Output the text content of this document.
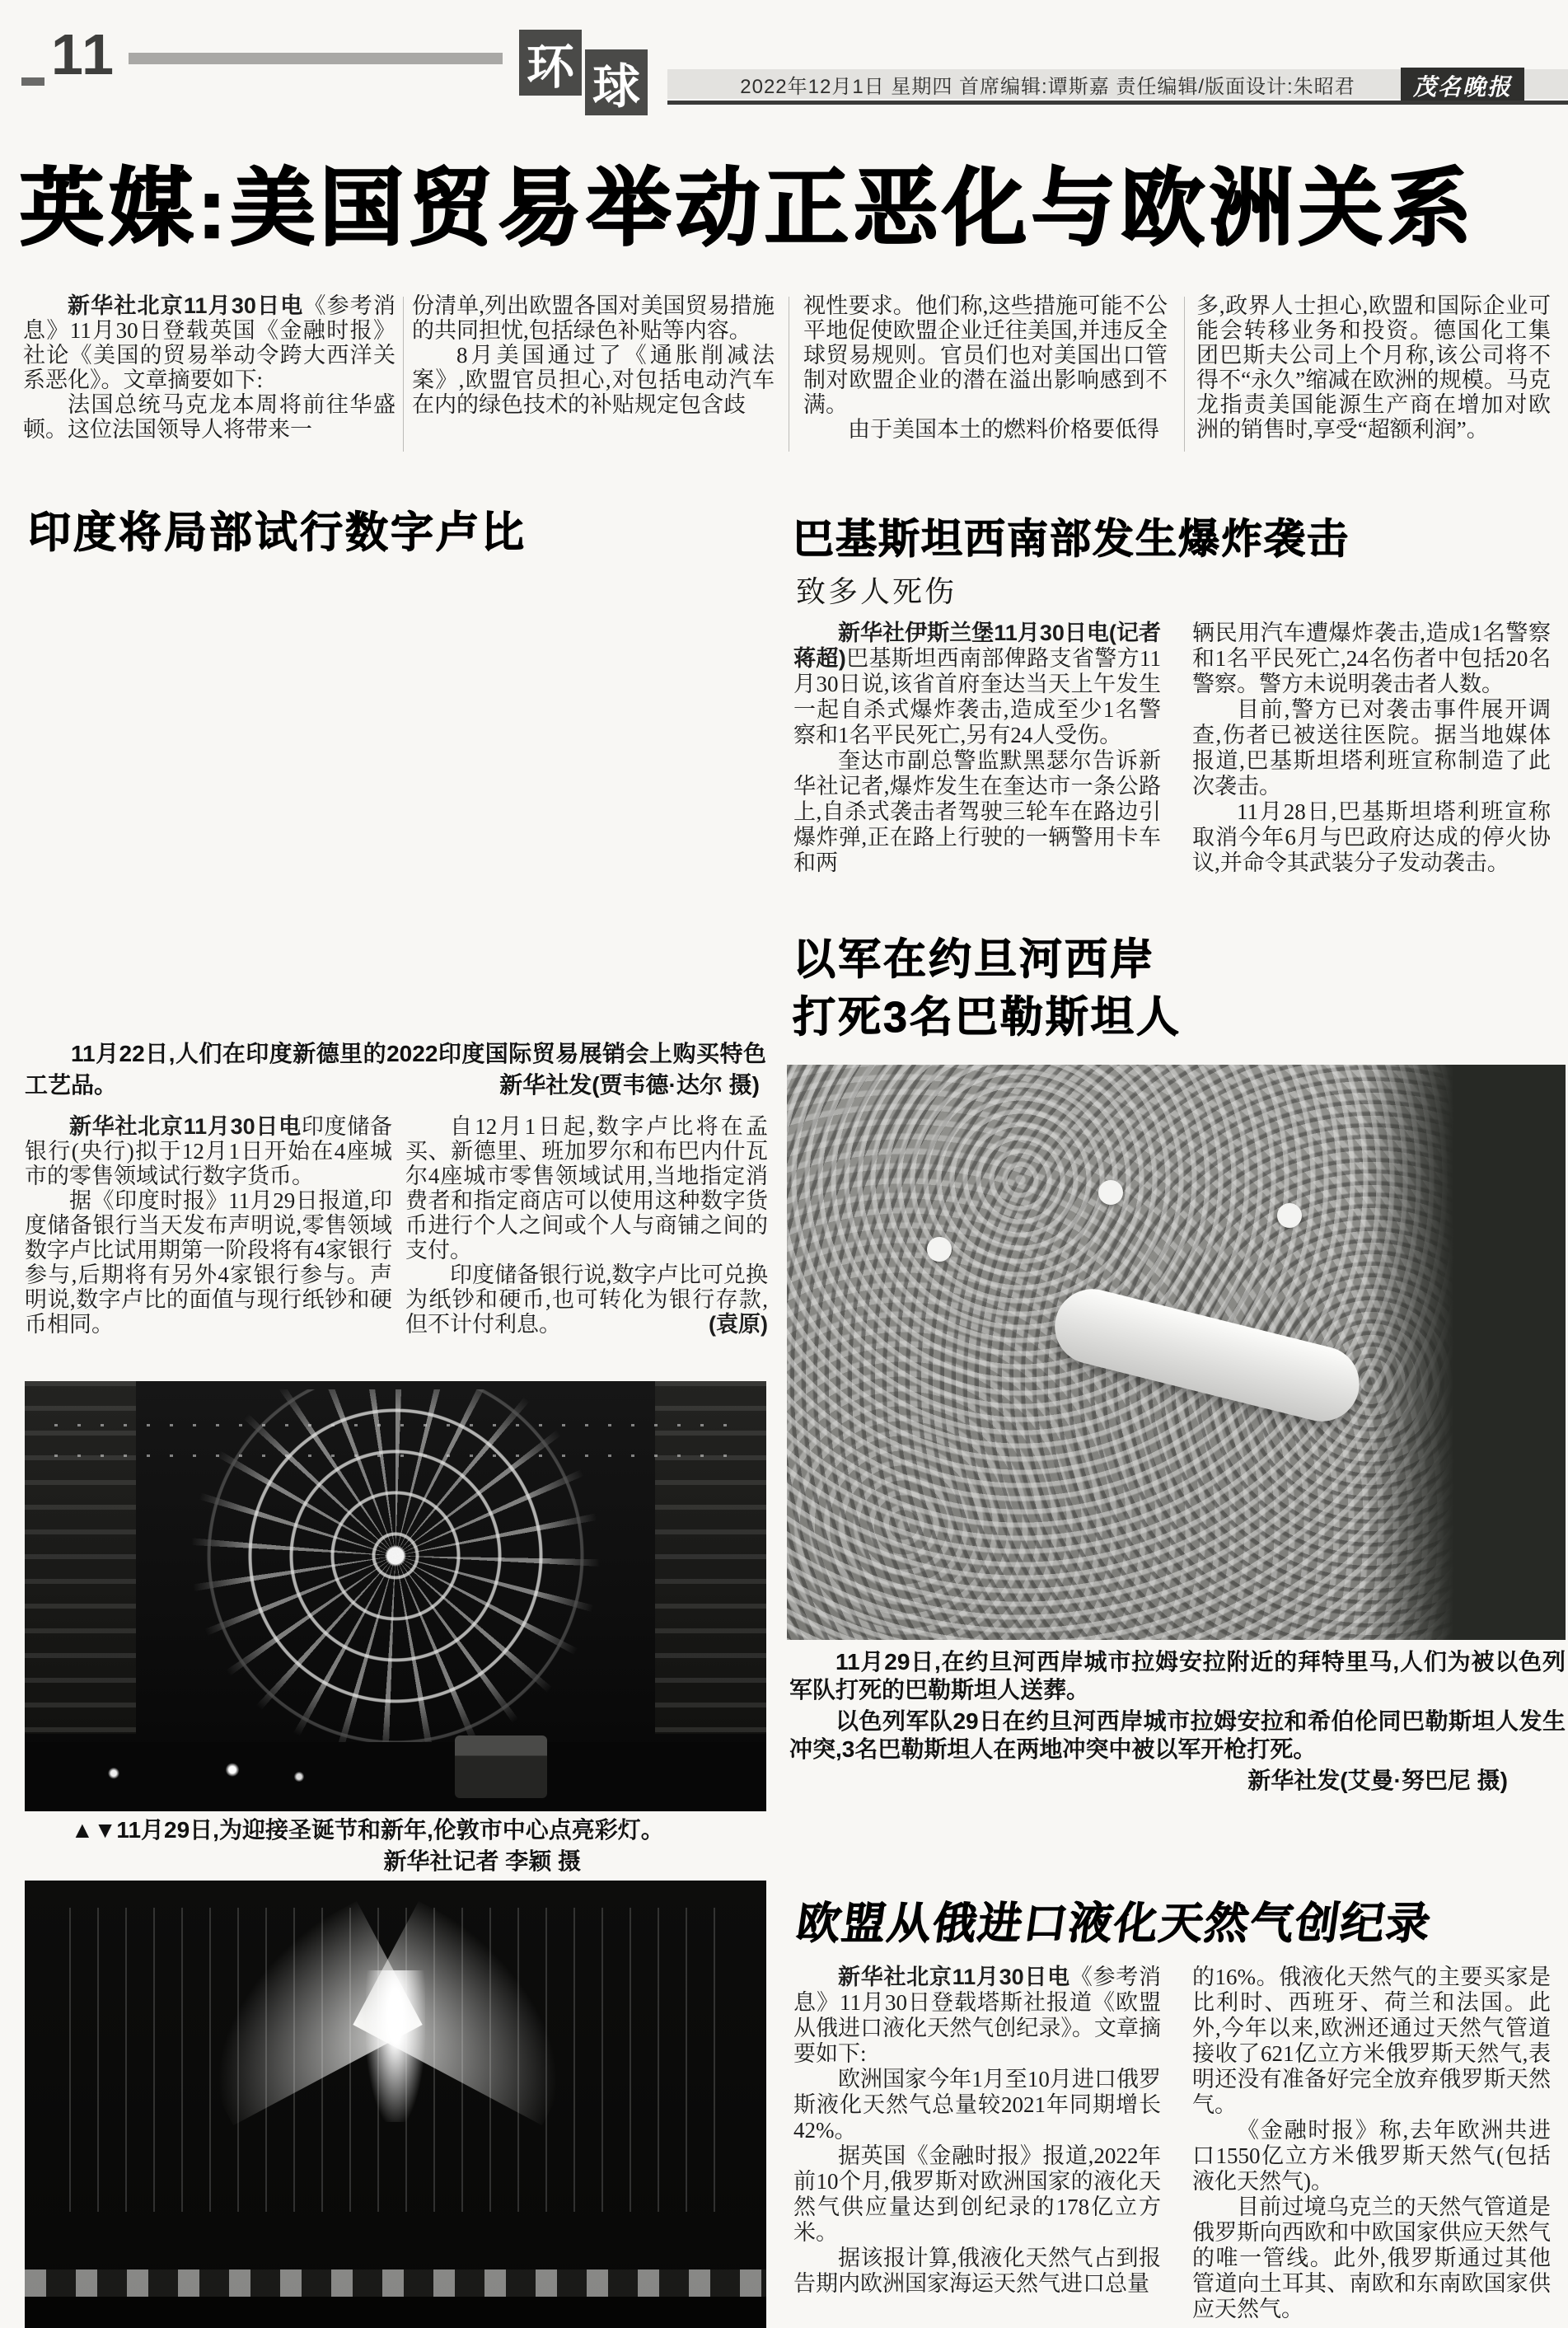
11	环 球	2022年12月1日 星期四 首席编辑:谭斯嘉 责任编辑/版面设计:朱昭君	茂名晚报
英媒:美国贸易举动正恶化与欧洲关系

新华社北京11月30日电《参考消息》11月30日登载英国《金融时报》社论《美国的贸易举动令跨大西洋关系恶化》。文章摘要如下:

法国总统马克龙本周将前往华盛顿。这位法国领导人将带来一

份清单,列出欧盟各国对美国贸易措施的共同担忧,包括绿色补贴等内容。

8月美国通过了《通胀削减法案》,欧盟官员担心,对包括电动汽车在内的绿色技术的补贴规定包含歧

视性要求。他们称,这些措施可能不公平地促使欧盟企业迁往美国,并违反全球贸易规则。官员们也对美国出口管制对欧盟企业的潜在溢出影响感到不满。

由于美国本土的燃料价格要低得

多,政界人士担心,欧盟和国际企业可能会转移业务和投资。德国化工集团巴斯夫公司上个月称,该公司将不得不“永久”缩减在欧洲的规模。马克龙指责美国能源生产商在增加对欧洲的销售时,享受“超额利润”。

印度将局部试行数字卢比

11月22日,人们在印度新德里的2022印度国际贸易展销会上购买特色工艺品。	新华社发(贾韦德·达尔 摄)

新华社北京11月30日电印度储备银行(央行)拟于12月1日开始在4座城市的零售领域试行数字货币。

据《印度时报》11月29日报道,印度储备银行当天发布声明说,零售领域数字卢比试用期第一阶段将有4家银行参与,后期将有另外4家银行参与。声明说,数字卢比的面值与现行纸钞和硬币相同。

自12月1日起,数字卢比将在孟买、新德里、班加罗尔和布巴内什瓦尔4座城市零售领域试用,当地指定消费者和指定商店可以使用这种数字货币进行个人之间或个人与商铺之间的支付。

印度储备银行说,数字卢比可兑换为纸钞和硬币,也可转化为银行存款,但不计付利息。	(袁原)

巴基斯坦西南部发生爆炸袭击
致多人死伤

新华社伊斯兰堡11月30日电(记者蒋超)巴基斯坦西南部俾路支省警方11月30日说,该省首府奎达当天上午发生一起自杀式爆炸袭击,造成至少1名警察和1名平民死亡,另有24人受伤。

奎达市副总警监默黑瑟尔告诉新华社记者,爆炸发生在奎达市一条公路上,自杀式袭击者驾驶三轮车在路边引爆炸弹,正在路上行驶的一辆警用卡车和两

辆民用汽车遭爆炸袭击,造成1名警察和1名平民死亡,24名伤者中包括20名警察。警方未说明袭击者人数。

目前,警方已对袭击事件展开调查,伤者已被送往医院。据当地媒体报道,巴基斯坦塔利班宣称制造了此次袭击。

11月28日,巴基斯坦塔利班宣称取消今年6月与巴政府达成的停火协议,并命令其武装分子发动袭击。

以军在约旦河西岸
打死3名巴勒斯坦人

11月29日,在约旦河西岸城市拉姆安拉附近的拜特里马,人们为被以色列军队打死的巴勒斯坦人送葬。

以色列军队29日在约旦河西岸城市拉姆安拉和希伯伦同巴勒斯坦人发生冲突,3名巴勒斯坦人在两地冲突中被以军开枪打死。

新华社发(艾曼·努巴尼 摄)

▲▼11月29日,为迎接圣诞节和新年,伦敦市中心点亮彩灯。
新华社记者 李颖 摄

欧盟从俄进口液化天然气创纪录

新华社北京11月30日电《参考消息》11月30日登载塔斯社报道《欧盟从俄进口液化天然气创纪录》。文章摘要如下:

欧洲国家今年1月至10月进口俄罗斯液化天然气总量较2021年同期增长42%。

据英国《金融时报》报道,2022年前10个月,俄罗斯对欧洲国家的液化天然气供应量达到创纪录的178亿立方米。

据该报计算,俄液化天然气占到报告期内欧洲国家海运天然气进口总量

的16%。俄液化天然气的主要买家是比利时、西班牙、荷兰和法国。此外,今年以来,欧洲还通过天然气管道接收了621亿立方米俄罗斯天然气,表明还没有准备好完全放弃俄罗斯天然气。

《金融时报》称,去年欧洲共进口1550亿立方米俄罗斯天然气(包括液化天然气)。

目前过境乌克兰的天然气管道是俄罗斯向西欧和中欧国家供应天然气的唯一管线。此外,俄罗斯通过其他管道向土耳其、南欧和东南欧国家供应天然气。
